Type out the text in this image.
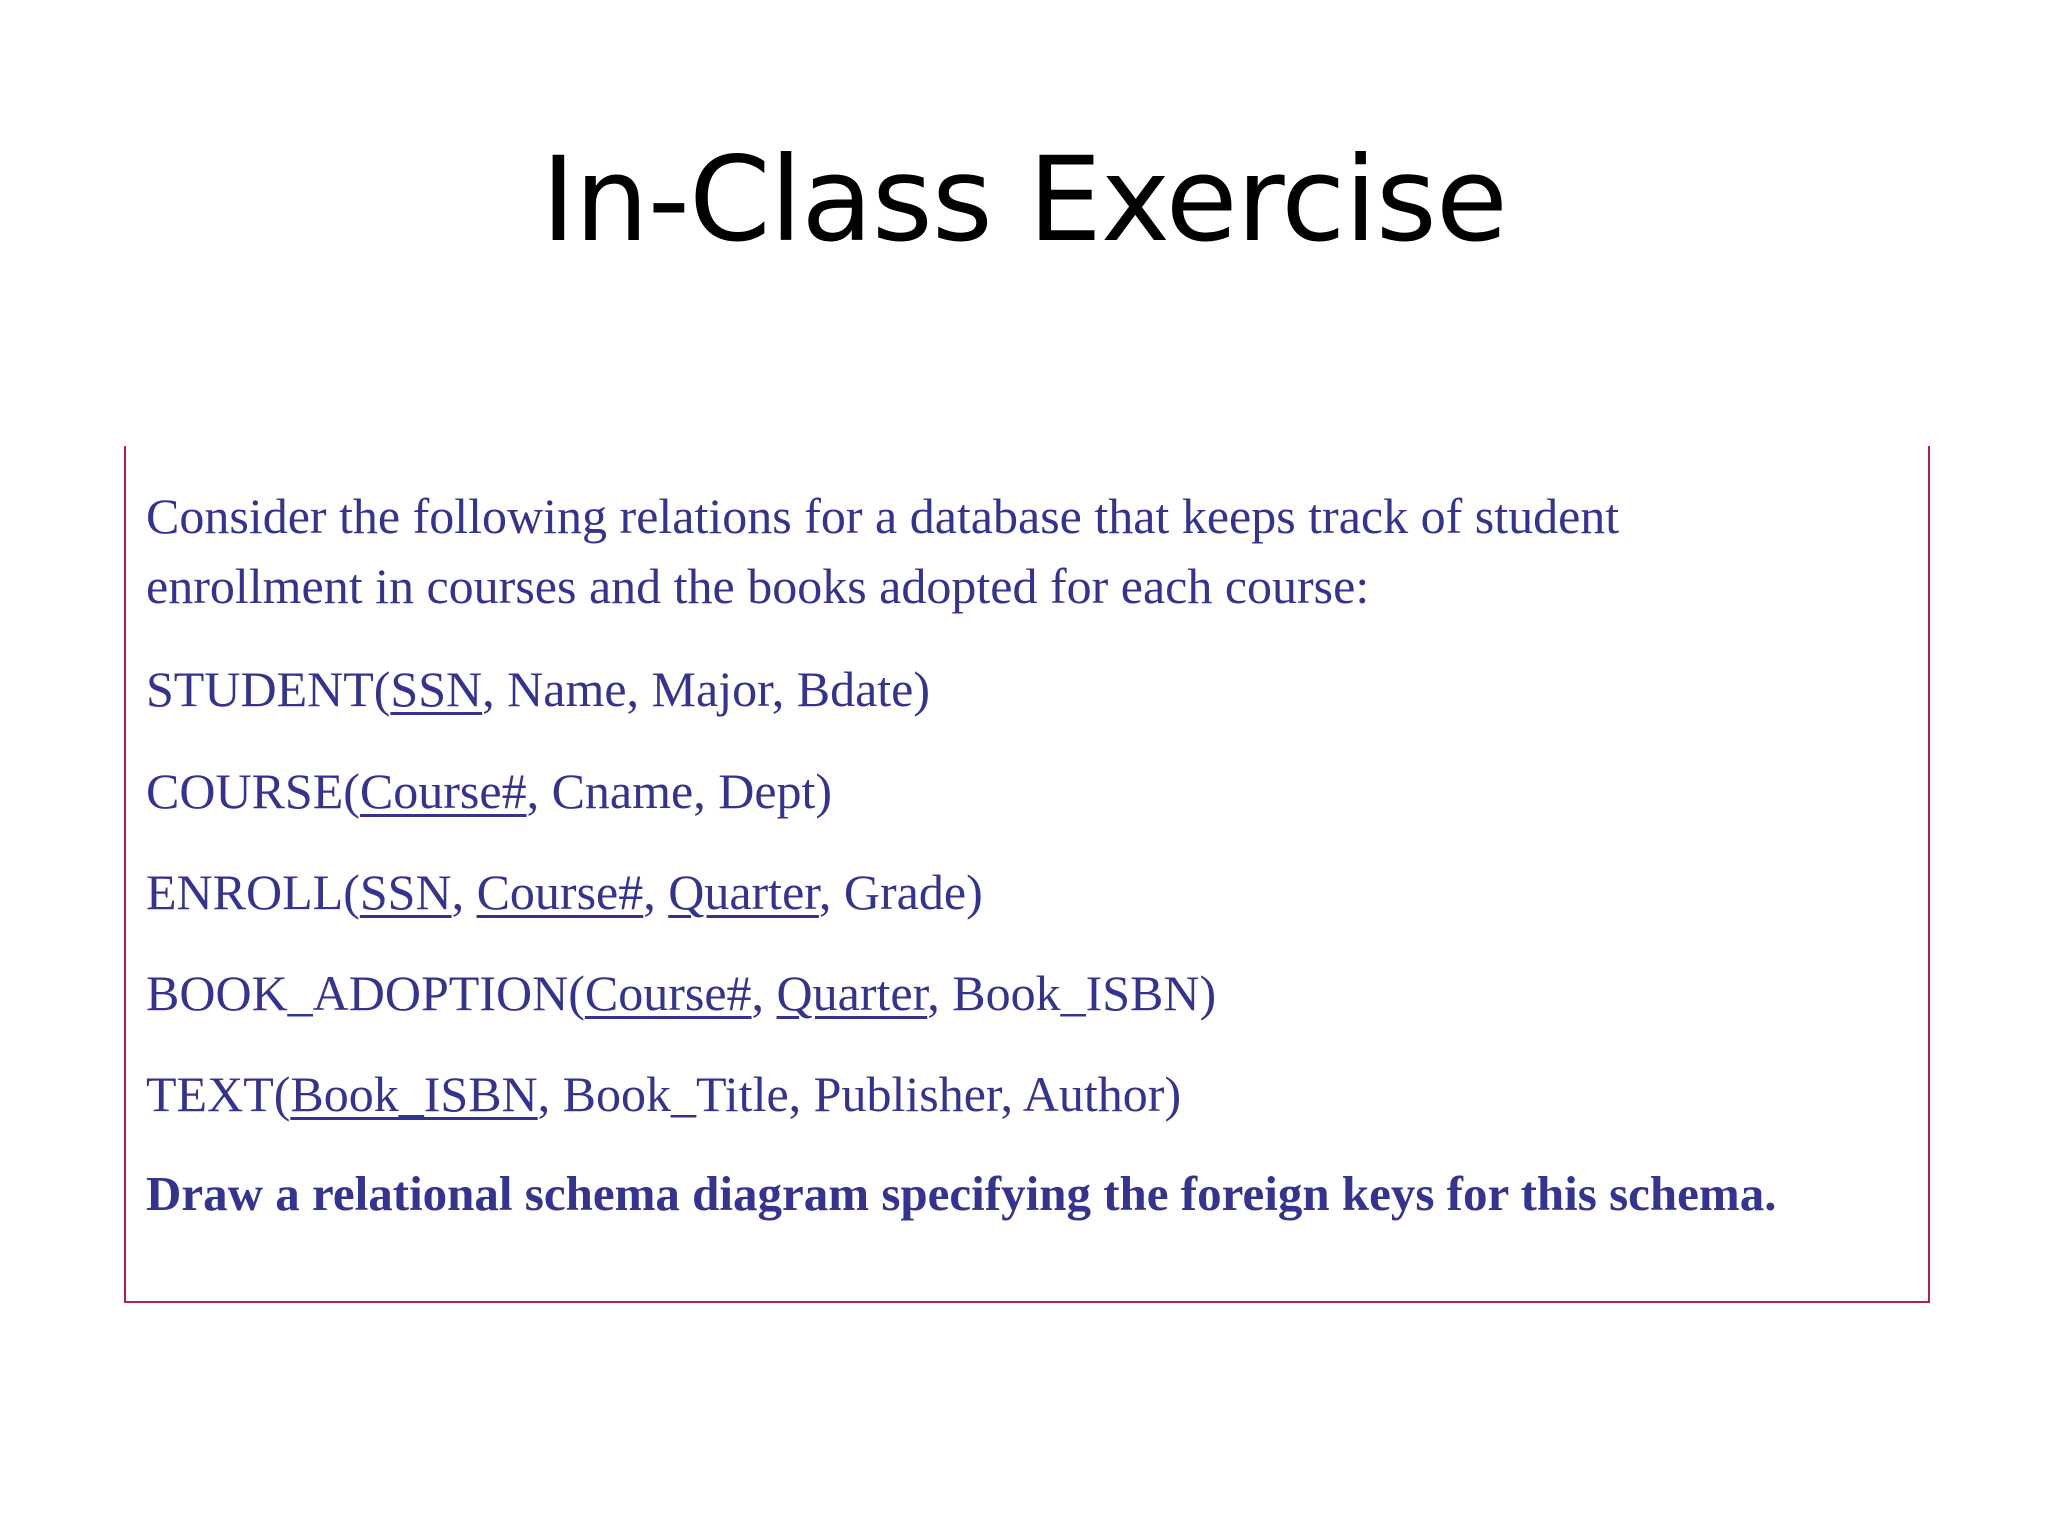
In-Class Exercise

Consider the following relations for a database that keeps track of student
enrollment in courses and the books adopted for each course:

STUDENT(SSN, Name, Major, Bdate)

COURSE(Course#, Cname, Dept)

ENROLL(SSN, Course#, Quarter, Grade)

BOOK_ADOPTION(Course#, Quarter, Book_ISBN)

TEXT(Book_ISBN, Book_Title, Publisher, Author)

Draw a relational schema diagram specifying the foreign keys for this schema.
